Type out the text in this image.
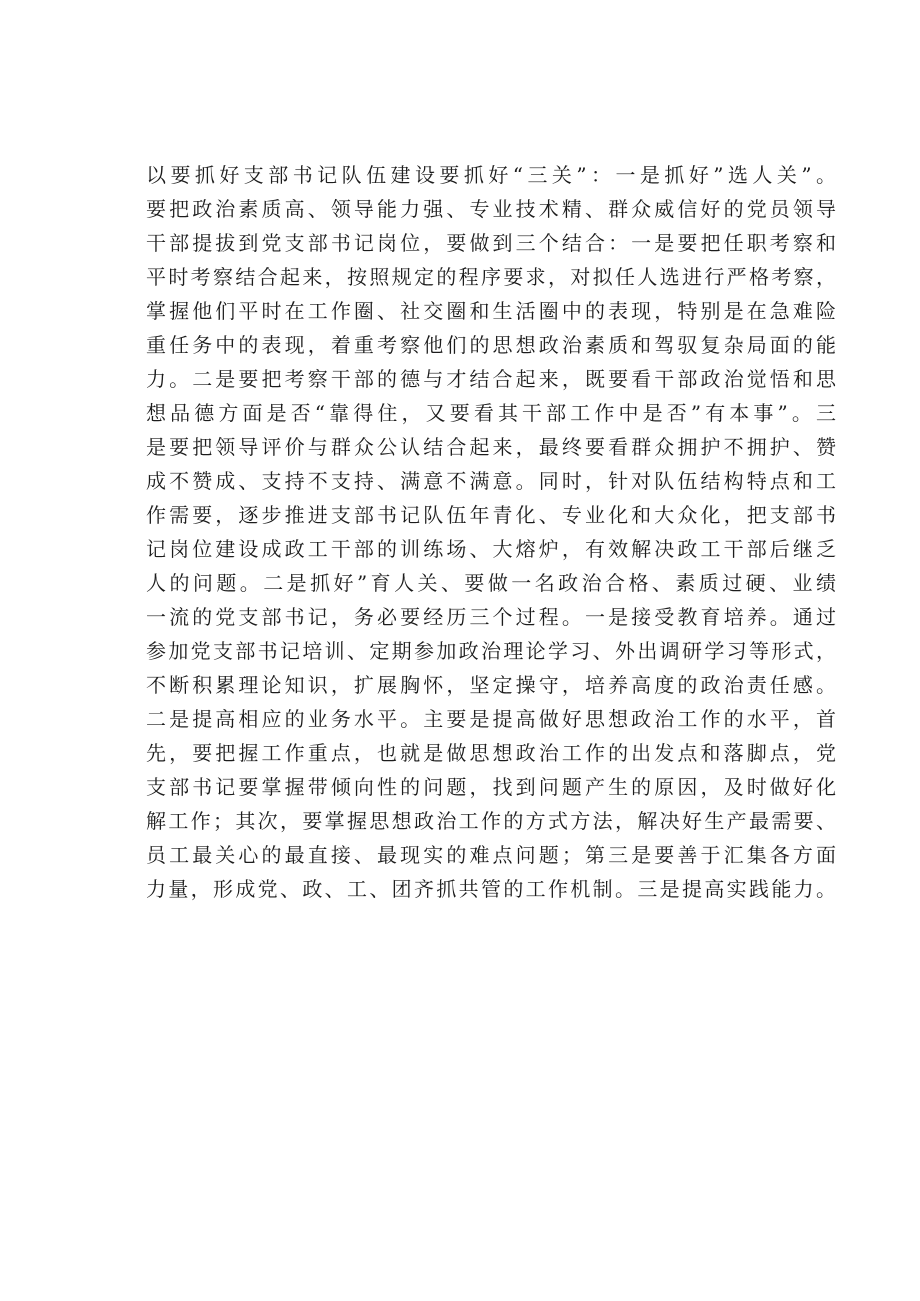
以要抓好支部书记队伍建设要抓好“三关”：一是抓好”选人关”。
要把政治素质高、领导能力强、专业技术精、群众威信好的党员领导
干部提拔到党支部书记岗位，要做到三个结合：一是要把任职考察和
平时考察结合起来，按照规定的程序要求，对拟任人选进行严格考察，
掌握他们平时在工作圈、社交圈和生活圈中的表现，特别是在急难险
重任务中的表现，着重考察他们的思想政治素质和驾驭复杂局面的能
力。二是要把考察干部的德与才结合起来，既要看干部政治觉悟和思
想品德方面是否“靠得住，又要看其干部工作中是否”有本事”。三
是要把领导评价与群众公认结合起来，最终要看群众拥护不拥护、赞
成不赞成、支持不支持、满意不满意。同时，针对队伍结构特点和工
作需要，逐步推进支部书记队伍年青化、专业化和大众化，把支部书
记岗位建设成政工干部的训练场、大熔炉，有效解决政工干部后继乏
人的问题。二是抓好”育人关、要做一名政治合格、素质过硬、业绩
一流的党支部书记，务必要经历三个过程。一是接受教育培养。通过
参加党支部书记培训、定期参加政治理论学习、外出调研学习等形式，
不断积累理论知识，扩展胸怀，坚定操守，培养高度的政治责任感。
二是提高相应的业务水平。主要是提高做好思想政治工作的水平，首
先，要把握工作重点，也就是做思想政治工作的出发点和落脚点，党
支部书记要掌握带倾向性的问题，找到问题产生的原因，及时做好化
解工作；其次，要掌握思想政治工作的方式方法，解决好生产最需要、
员工最关心的最直接、最现实的难点问题；第三是要善于汇集各方面
力量，形成党、政、工、团齐抓共管的工作机制。三是提高实践能力。
